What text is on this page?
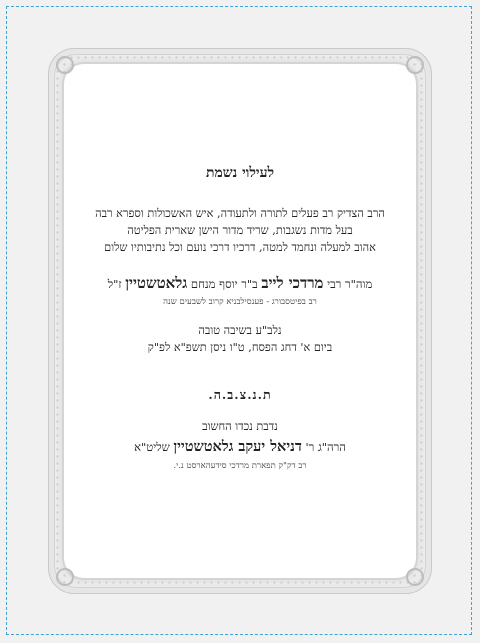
לעילוי נשמת
הרב הצדיק רב פעלים לתורה ולתעודה, איש האשכולות וספרא רבה
בעל מדות נשגבות, שריד מדור הישן שארית הפליטה
אהוב למעלה ונחמד למטה, דרכיו דרכי נועם וכל נתיבותיו שלום
מוה"ר רבי מרדכי לייב ב"ר יוסף מנחם גלאטשטיין ז"ל
רב בפיטסבורג - פענסילבניא קרוב לשבעים שנה
נלב"ע בשיבה טובה
ביום א' דחג הפסח, ט"ו ניסן תשפ"א לפ"ק
ת.נ.צ.ב.ה.
נדבת נכדו החשוב
הרה"ג ר' דניאל יעקב גלאטשטיין שליט"א
רב דק"ק תפארת מרדכי סידעהארסט נ.י.
